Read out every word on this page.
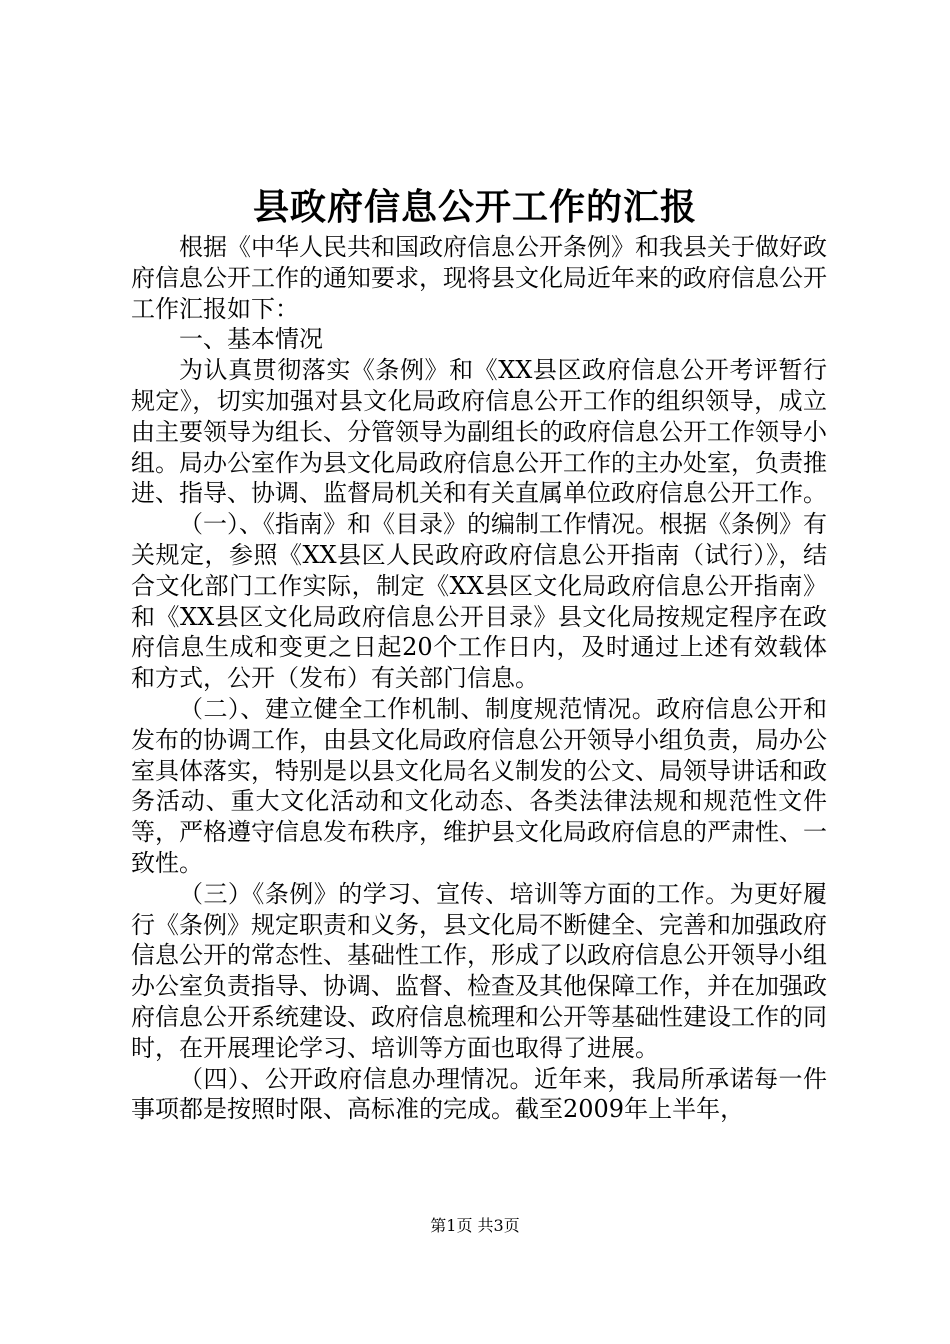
县政府信息公开工作的汇报

根据《中华人民共和国政府信息公开条例》和我县关于做好政府信息公开工作的通知要求，现将县文化局近年来的政府信息公开工作汇报如下：

一、基本情况

为认真贯彻落实《条例》和《XX县区政府信息公开考评暂行规定》，切实加强对县文化局政府信息公开工作的组织领导，成立由主要领导为组长、分管领导为副组长的政府信息公开工作领导小组。局办公室作为县文化局政府信息公开工作的主办处室，负责推进、指导、协调、监督局机关和有关直属单位政府信息公开工作。

（一）、《指南》和《目录》的编制工作情况。根据《条例》有关规定，参照《XX县区人民政府政府信息公开指南（试行）》，结合文化部门工作实际，制定《XX县区文化局政府信息公开指南》和《XX县区文化局政府信息公开目录》县文化局按规定程序在政府信息生成和变更之日起20个工作日内，及时通过上述有效载体和方式，公开（发布）有关部门信息。

（二）、建立健全工作机制、制度规范情况。政府信息公开和发布的协调工作，由县文化局政府信息公开领导小组负责，局办公室具体落实，特别是以县文化局名义制发的公文、局领导讲话和政务活动、重大文化活动和文化动态、各类法律法规和规范性文件等，严格遵守信息发布秩序，维护县文化局政府信息的严肃性、一致性。

（三）《条例》的学习、宣传、培训等方面的工作。为更好履行《条例》规定职责和义务，县文化局不断健全、完善和加强政府信息公开的常态性、基础性工作，形成了以政府信息公开领导小组办公室负责指导、协调、监督、检查及其他保障工作，并在加强政府信息公开系统建设、政府信息梳理和公开等基础性建设工作的同时，在开展理论学习、培训等方面也取得了进展。

（四）、公开政府信息办理情况。近年来，我局所承诺每一件事项都是按照时限、高标准的完成。截至2009年上半年，

第1页 共3页
